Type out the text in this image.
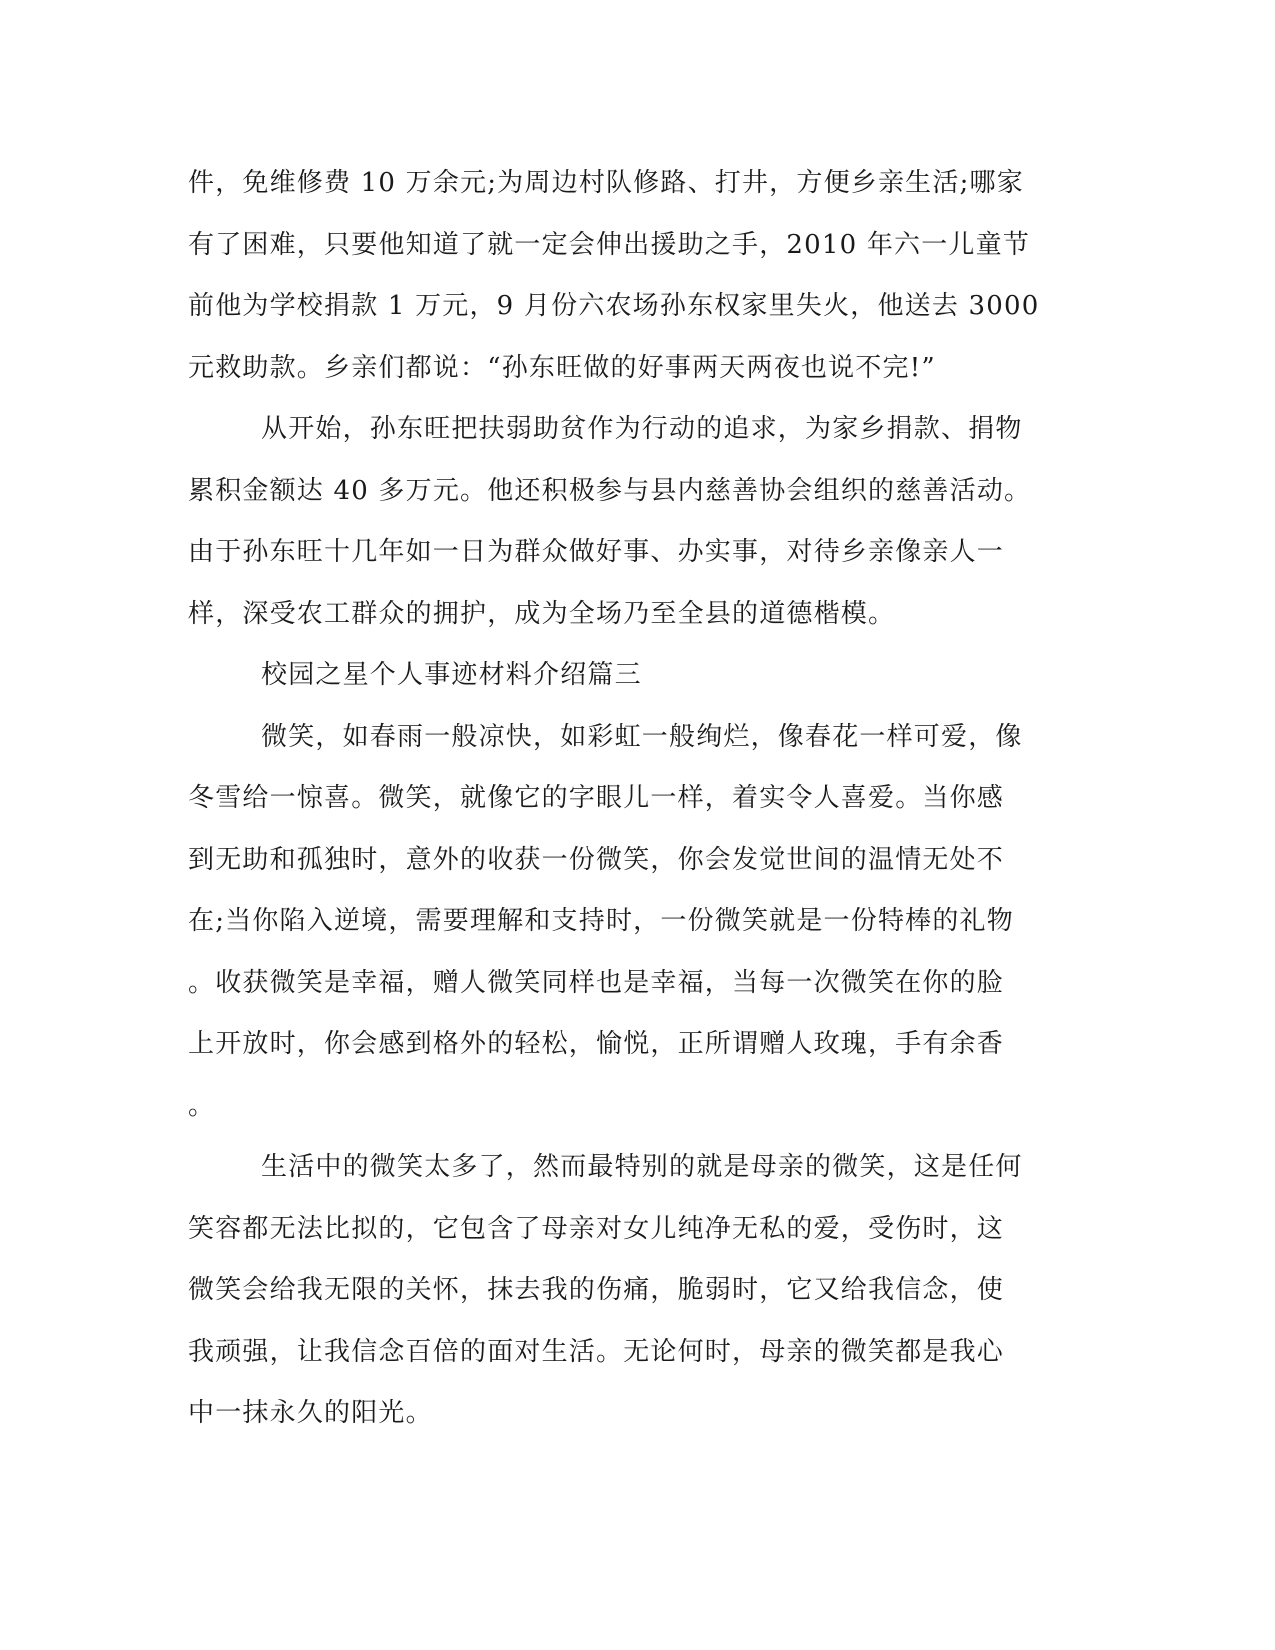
件，免维修费 10 万余元;为周边村队修路、打井，方便乡亲生活;哪家
有了困难，只要他知道了就一定会伸出援助之手，2010 年六一儿童节
前他为学校捐款 1 万元，9 月份六农场孙东权家里失火，他送去 3000
元救助款。乡亲们都说：“孙东旺做的好事两天两夜也说不完!”
从开始，孙东旺把扶弱助贫作为行动的追求，为家乡捐款、捐物
累积金额达 40 多万元。他还积极参与县内慈善协会组织的慈善活动。
由于孙东旺十几年如一日为群众做好事、办实事，对待乡亲像亲人一
样，深受农工群众的拥护，成为全场乃至全县的道德楷模。
校园之星个人事迹材料介绍篇三
微笑，如春雨一般凉快，如彩虹一般绚烂，像春花一样可爱，像
冬雪给一惊喜。微笑，就像它的字眼儿一样，着实令人喜爱。当你感
到无助和孤独时，意外的收获一份微笑，你会发觉世间的温情无处不
在;当你陷入逆境，需要理解和支持时，一份微笑就是一份特棒的礼物
。收获微笑是幸福，赠人微笑同样也是幸福，当每一次微笑在你的脸
上开放时，你会感到格外的轻松，愉悦，正所谓赠人玫瑰，手有余香
。
生活中的微笑太多了，然而最特别的就是母亲的微笑，这是任何
笑容都无法比拟的，它包含了母亲对女儿纯净无私的爱，受伤时，这
微笑会给我无限的关怀，抹去我的伤痛，脆弱时，它又给我信念，使
我顽强，让我信念百倍的面对生活。无论何时，母亲的微笑都是我心
中一抹永久的阳光。
